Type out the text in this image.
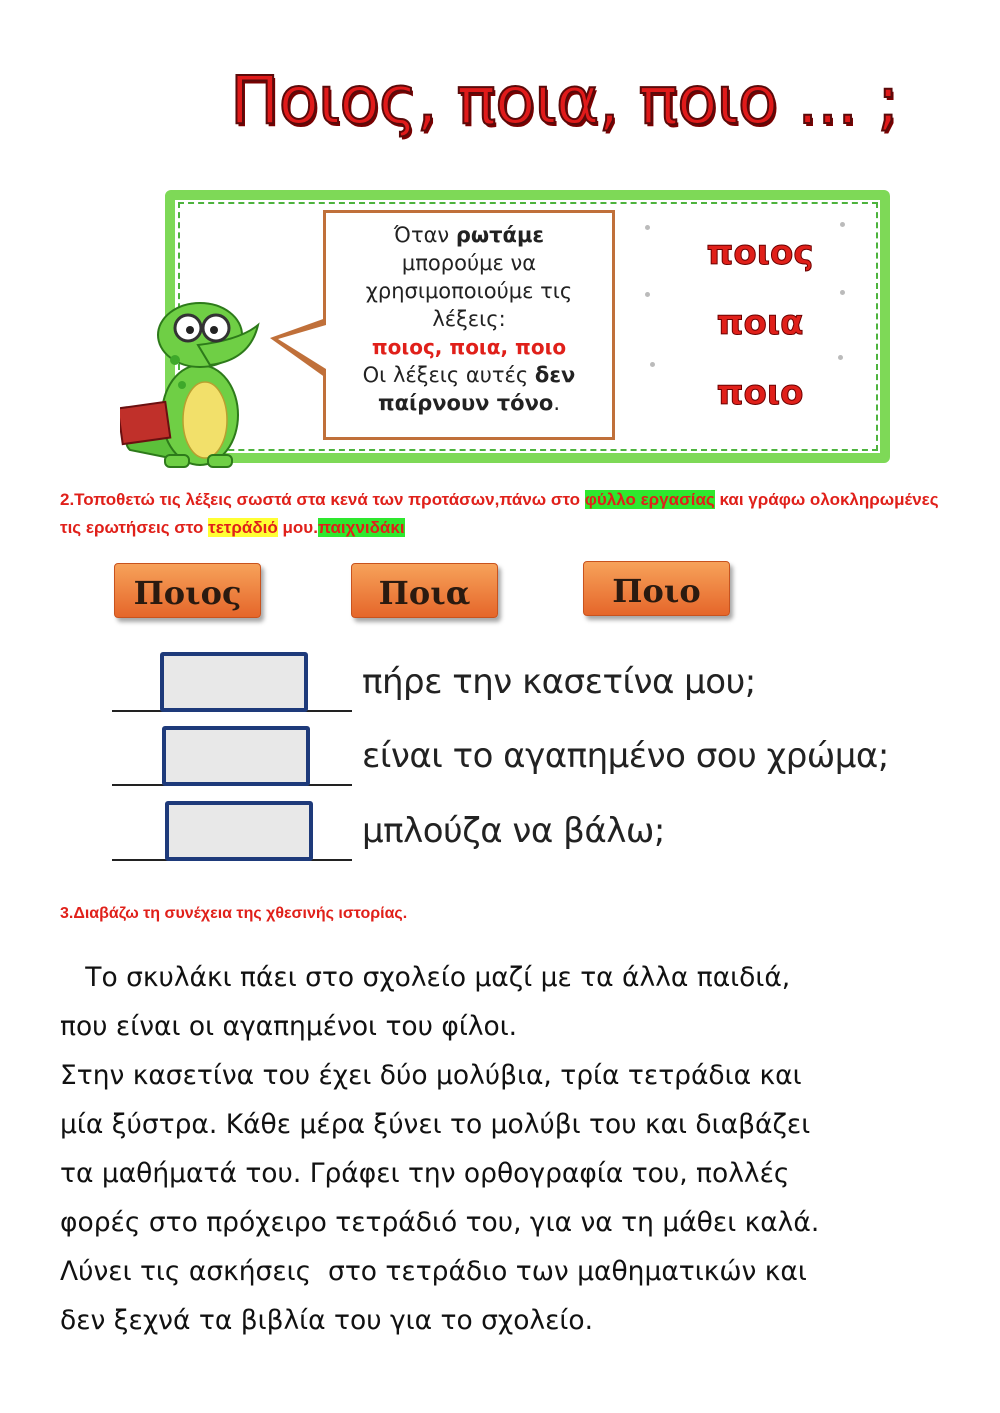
Ποιος, ποια, ποιο ... ;
Όταν ρωτάμε
μπορούμε να
χρησιμοποιούμε τις
λέξεις:
ποιος, ποια, ποιο
Οι λέξεις αυτές δεν
παίρνουν τόνο.
ποιος
ποια
ποιο
2.Τοποθετώ τις λέξεις σωστά στα κενά των προτάσων,πάνω στο φύλλο εργασίας και γράφω ολοκληρωμένες τις ερωτήσεις στο τετράδιό μου.παιχνιδάκι
Ποιος	Ποια	Ποιο
πήρε την κασετίνα μου;
είναι το αγαπημένο σου χρώμα;
μπλούζα να βάλω;
3.Διαβάζω τη συνέχεια της χθεσινής ιστορίας.

Το σκυλάκι πάει στο σχολείο μαζί με τα άλλα παιδιά,

που είναι οι αγαπημένοι του φίλοι.

Στην κασετίνα του έχει δύο μολύβια, τρία τετράδια και

μία ξύστρα. Κάθε μέρα ξύνει το μολύβι του και διαβάζει

τα μαθήματά του. Γράφει την ορθογραφία του, πολλές

φορές στο πρόχειρο τετράδιό του, για να τη μάθει καλά.

Λύνει τις ασκήσεις  στο τετράδιο των μαθηματικών και

δεν ξεχνά τα βιβλία του για το σχολείο.
